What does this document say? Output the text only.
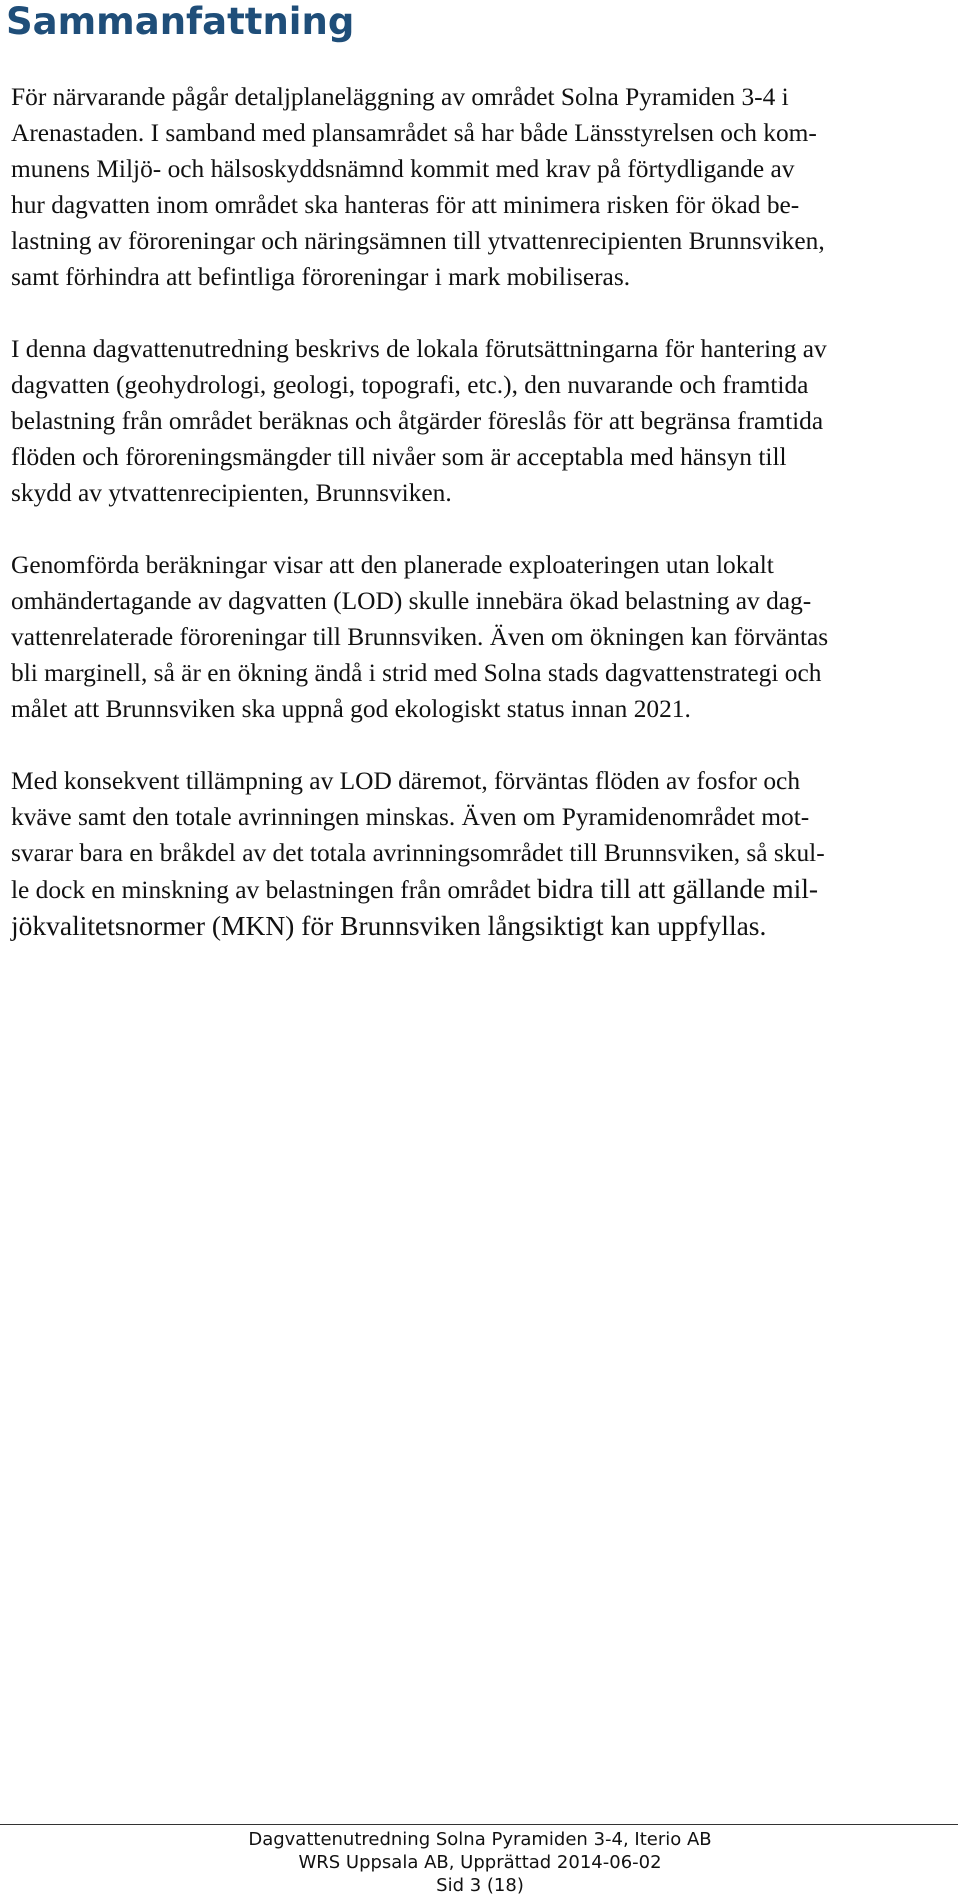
Sammanfattning

För närvarande pågår detaljplaneläggning av området Solna Pyramiden 3-4 i
Arenastaden. I samband med plansamrådet så har både Länsstyrelsen och kom-
munens Miljö- och hälsoskyddsnämnd kommit med krav på förtydligande av
hur dagvatten inom området ska hanteras för att minimera risken för ökad be-
lastning av föroreningar och näringsämnen till ytvattenrecipienten Brunnsviken,
samt förhindra att befintliga föroreningar i mark mobiliseras.

I denna dagvattenutredning beskrivs de lokala förutsättningarna för hantering av
dagvatten (geohydrologi, geologi, topografi, etc.), den nuvarande och framtida
belastning från området beräknas och åtgärder föreslås för att begränsa framtida
flöden och föroreningsmängder till nivåer som är acceptabla med hänsyn till
skydd av ytvattenrecipienten, Brunnsviken.

Genomförda beräkningar visar att den planerade exploateringen utan lokalt
omhändertagande av dagvatten (LOD) skulle innebära ökad belastning av dag-
vattenrelaterade föroreningar till Brunnsviken. Även om ökningen kan förväntas
bli marginell, så är en ökning ändå i strid med Solna stads dagvattenstrategi och
målet att Brunnsviken ska uppnå god ekologiskt status innan 2021.

Med konsekvent tillämpning av LOD däremot, förväntas flöden av fosfor och
kväve samt den totale avrinningen minskas. Även om Pyramidenområdet mot-
svarar bara en bråkdel av det totala avrinningsområdet till Brunnsviken, så skul-
le dock en minskning av belastningen från området bidra till att gällande mil-
jökvalitetsnormer (MKN) för Brunnsviken långsiktigt kan uppfyllas.

Dagvattenutredning Solna Pyramiden 3-4, Iterio AB
WRS Uppsala AB, Upprättad 2014-06-02
Sid 3 (18)
